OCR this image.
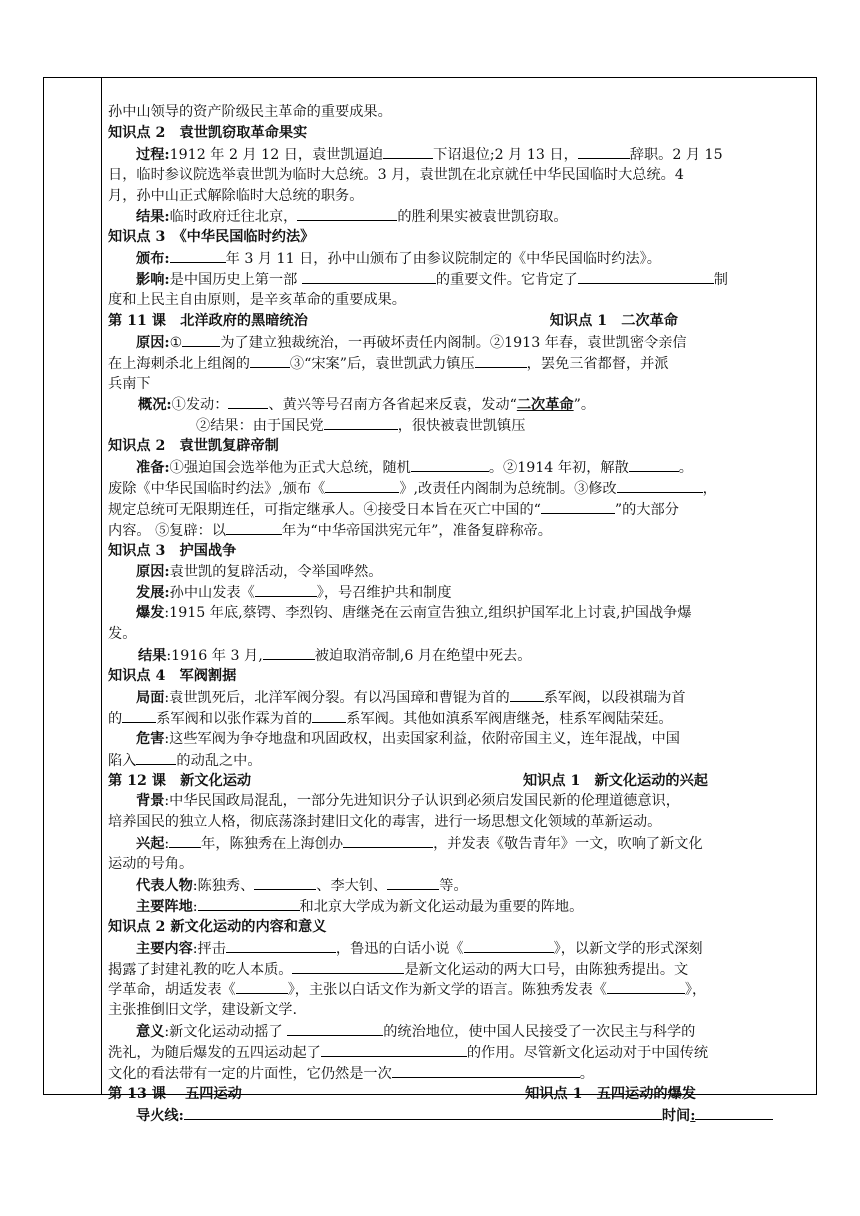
孙中山领导的资产阶级民主革命的重要成果。
知识点 2　袁世凯窃取革命果实
过程:1912 年 2 月 12 日，袁世凯逼迫	下诏退位;2 月 13 日，	辞职。2 月 15
日，临时参议院选举袁世凯为临时大总统。3 月，袁世凯在北京就任中华民国临时大总统。4
月，孙中山正式解除临时大总统的职务。
结果:临时政府迁往北京，	的胜利果实被袁世凯窃取。
知识点 3　《中华民国临时约法》
颁布:	年 3 月 11 日，孙中山颁布了由参议院制定的《中华民国临时约法》。
影响:是中国历史上第一部	的重要文件。它肯定了	制
度和上民主自由原则，是辛亥革命的重要成果。
第 11 课　北洋政府的黑暗统治	知识点 1　二次革命
原因:①	为了建立独裁统治，一再破坏责任内阁制。②1913 年春，袁世凯密令亲信
在上海刺杀北上组阁的	③“宋案”后，袁世凯武力镇压	，罢免三省都督，并派
兵南下
概况:①发动：	、黄兴等号召南方各省起来反袁，发动“二次革命”。
②结果：由于国民党	，很快被袁世凯镇压
知识点 2　袁世凯复辟帝制
准备:①强迫国会选举他为正式大总统，随机	。②1914 年初，解散	。
废除《中华民国临时约法》,颁布《	》,改责任内阁制为总统制。③修改	，
规定总统可无限期连任，可指定继承人。④接受日本旨在灭亡中国的“	”的大部分
内容。 ⑤复辟：以	年为“中华帝国洪宪元年”，准备复辟称帝。
知识点 3　护国战争
原因:袁世凯的复辟活动，令举国哗然。
发展:孙中山发表《	》，号召维护共和制度
爆发:1915 年底,蔡锷、李烈钧、唐继尧在云南宣告独立,组织护国军北上讨袁,护国战争爆
发。
结果:1916 年 3 月,	被迫取消帝制,6 月在绝望中死去。
知识点 4　军阀割据
局面:袁世凯死后，北洋军阀分裂。有以冯国璋和曹锟为首的 系军阀，以段祺瑞为首
的 系军阀和以张作霖为首的 系军阀。其他如滇系军阀唐继尧，桂系军阀陆荣廷。
危害:这些军阀为争夺地盘和巩固政权，出卖国家利益，依附帝国主义，连年混战，中国
陷入	的动乱之中。
第 12 课　新文化运动	知识点 1　新文化运动的兴起
背景:中华民国政局混乱，一部分先进知识分子认识到必须启发国民新的伦理道德意识，
培养国民的独立人格，彻底荡涤封建旧文化的毒害，进行一场思想文化领域的革新运动。
兴起: 年，陈独秀在上海创办	，并发表《敬告青年》一文，吹响了新文化
运动的号角。
代表人物:陈独秀、	、李大钊、	等。
主要阵地:	和北京大学成为新文化运动最为重要的阵地。
知识点 2 新文化运动的内容和意义
主要内容:抨击	，鲁迅的白话小说《	》，以新文学的形式深刻
揭露了封建礼教的吃人本质。	是新文化运动的两大口号，由陈独秀提出。文
学革命，胡适发表《	》，主张以白话文作为新文学的语言。陈独秀发表《	》，
主张推倒旧文学，建设新文学.
意义:新文化运动动摇了	的统治地位，使中国人民接受了一次民主与科学的
洗礼，为随后爆发的五四运动起了	的作用。尽管新文化运动对于中国传统
文化的看法带有一定的片面性，它仍然是一次	。
第 13 课　 五四运动	知识点 1　五四运动的爆发
导火线:	时间:
